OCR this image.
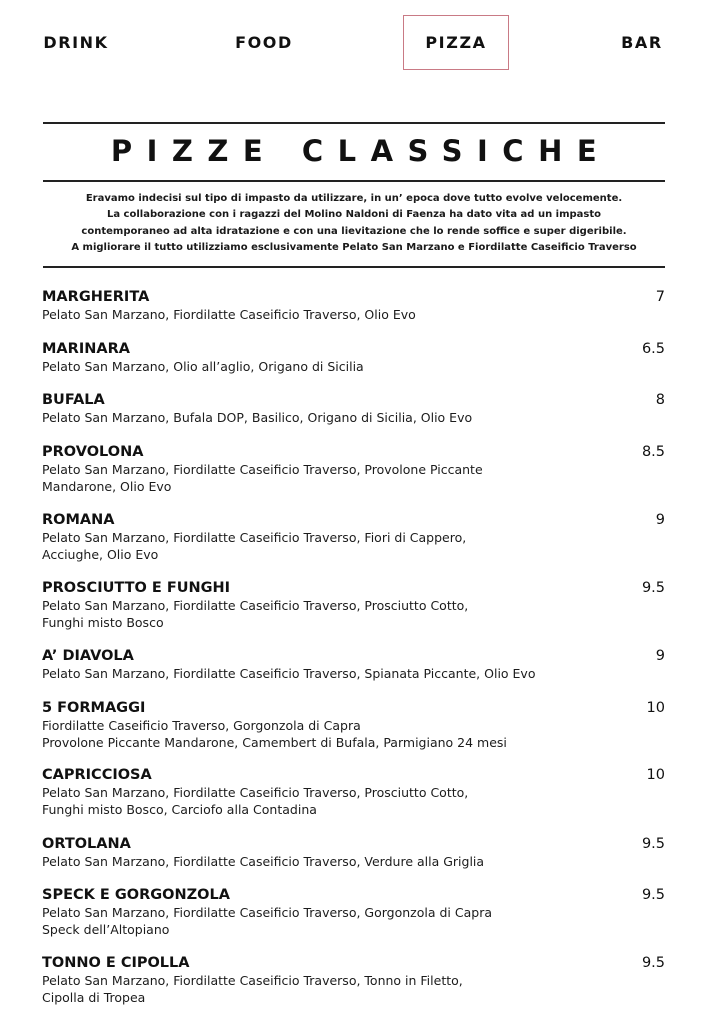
DRINK	FOOD	PIZZA	BAR
PIZZE CLASSICHE
Eravamo indecisi sul tipo di impasto da utilizzare, in un’ epoca dove tutto evolve velocemente.
La collaborazione con i ragazzi del Molino Naldoni di Faenza ha dato vita ad un impasto
contemporaneo ad alta idratazione e con una lievitazione che lo rende soffice e super digeribile.
A migliorare il tutto utilizziamo esclusivamente Pelato San Marzano e Fiordilatte Caseificio Traverso
MARGHERITA
Pelato San Marzano, Fiordilatte Caseificio Traverso, Olio Evo
7
MARINARA
Pelato San Marzano, Olio all’aglio, Origano di Sicilia
6.5
BUFALA
Pelato San Marzano, Bufala DOP, Basilico, Origano di Sicilia, Olio Evo
8
PROVOLONA
Pelato San Marzano, Fiordilatte Caseificio Traverso, Provolone Piccante
Mandarone, Olio Evo
8.5
ROMANA
Pelato San Marzano, Fiordilatte Caseificio Traverso, Fiori di Cappero,
Acciughe, Olio Evo
9
PROSCIUTTO E FUNGHI
Pelato San Marzano, Fiordilatte Caseificio Traverso, Prosciutto Cotto,
Funghi misto Bosco
9.5
A’ DIAVOLA
Pelato San Marzano, Fiordilatte Caseificio Traverso, Spianata Piccante, Olio Evo
9
5 FORMAGGI
Fiordilatte Caseificio Traverso, Gorgonzola di Capra
Provolone Piccante Mandarone, Camembert di Bufala, Parmigiano 24 mesi
10
CAPRICCIOSA
Pelato San Marzano, Fiordilatte Caseificio Traverso, Prosciutto Cotto,
Funghi misto Bosco, Carciofo alla Contadina
10
ORTOLANA
Pelato San Marzano, Fiordilatte Caseificio Traverso, Verdure alla Griglia
9.5
SPECK E GORGONZOLA
Pelato San Marzano, Fiordilatte Caseificio Traverso, Gorgonzola di Capra
Speck dell’Altopiano
9.5
TONNO E CIPOLLA
Pelato San Marzano, Fiordilatte Caseificio Traverso, Tonno in Filetto,
Cipolla di Tropea
9.5
